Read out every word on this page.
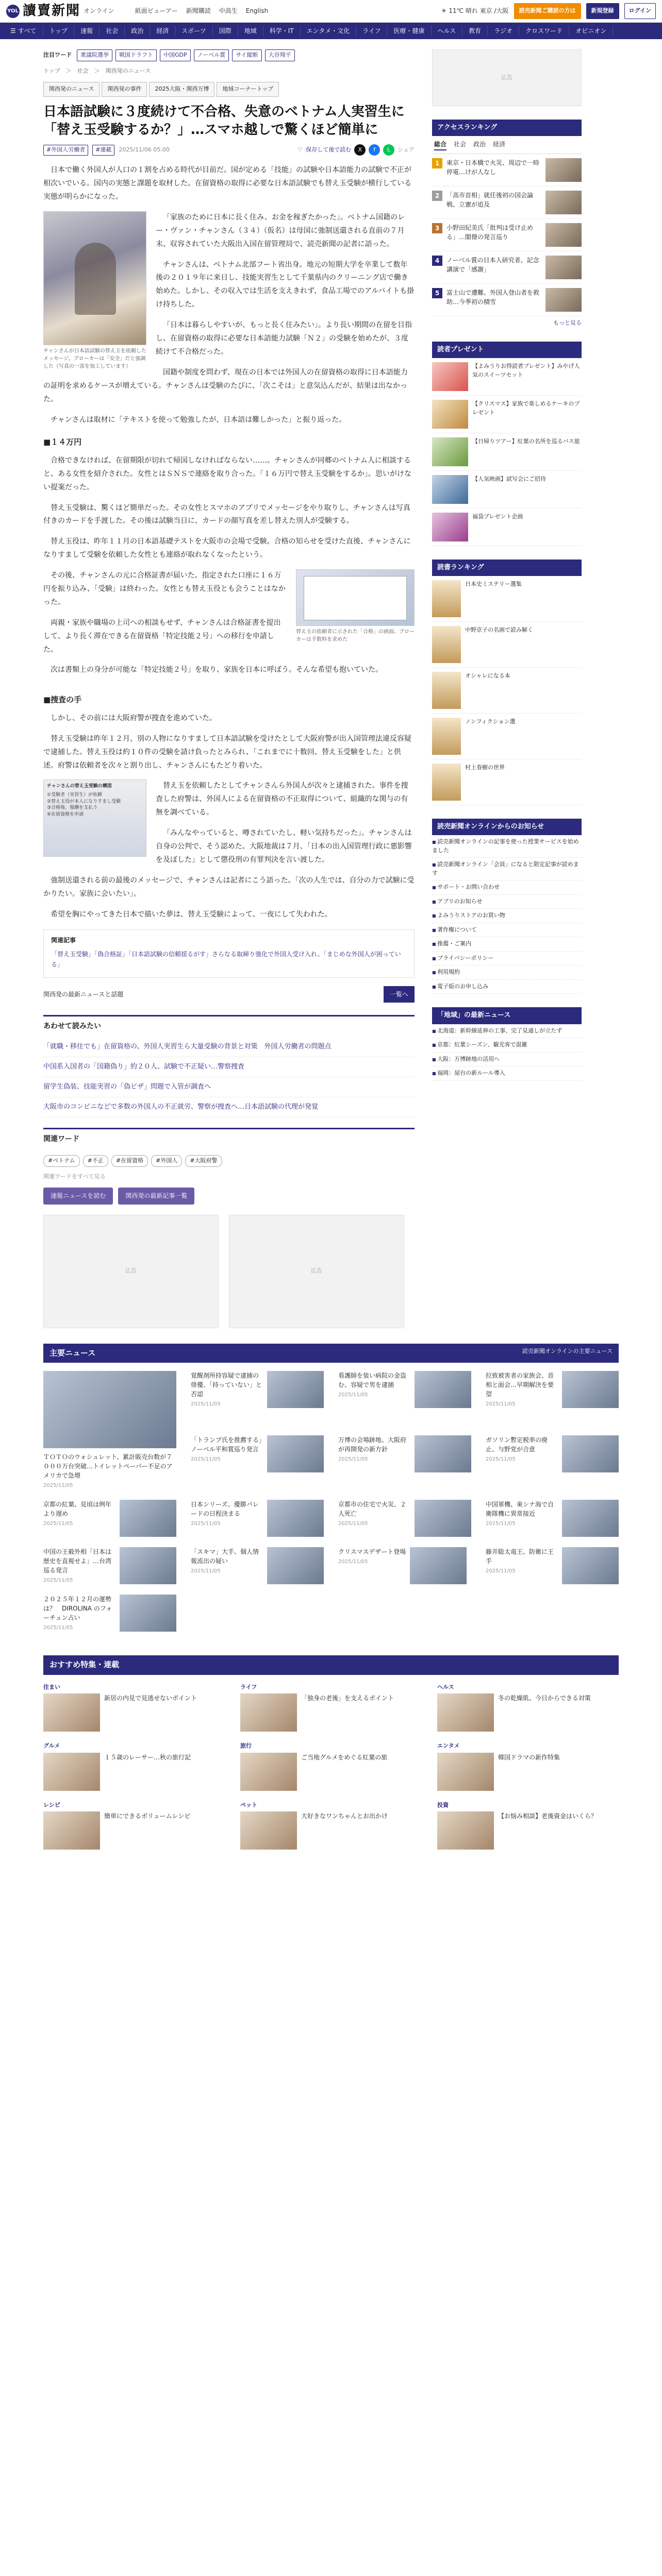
YOL 讀賣新聞 オンライン	紙面ビューアー 新聞購読 中高生 English	☀ 11℃ 晴れ 東京 /大阪	読売新聞ご購読の方は	新規登録	ログイン
☰ すべて	トップ	速報	社会	政治	経済	スポーツ	国際	地域	科学・IT	エンタメ・文化	ライフ	医療・健康	ヘルス	教育	ラジオ	クロスワード	オピニオン
注目ワード	衆議院選挙	戦国ドラフト	中国GDP	ノーベル賞	サイ縦断	大谷翔平
トップ　＞　社会　＞　関西発のニュース
関西発のニュース	関西発の事件	2025大阪・関西万博	地域コーナートップ
日本語試験に３度続けて不合格、失意のベトナム人実習生に「替え玉受験するか？」…スマホ越しで驚くほど簡単に
#外国人労働者	#連載	2025/11/06 05:00	♡ 保存して後で読む	X	f	L	シェア

日本で働く外国人が人口の１割を占める時代が目前だ。国が定める「技能」の試験や日本語能力の試験で不正が相次いでいる。国内の実態と課題を取材した。在留資格の取得に必要な日本語試験でも替え玉受験が横行している実態が明らかになった。

チャンさんが日本語試験の替え玉を依頼したメッセージ。ブローカーは「安全」だと強調した（写真の一部を加工しています）

「家族のために日本に長く住み、お金を稼ぎたかった」。ベトナム国籍のレー・ヴァン・チャンさん（３４）（仮名）は母国に強制送還される直前の７月末、収容されていた大阪出入国在留管理局で、読売新聞の記者に語った。

チャンさんは、ベトナム北部フート省出身。地元の短期大学を卒業して数年後の２０１９年に来日し、技能実習生として千葉県内のクリーニング店で働き始めた。しかし、その収入では生活を支えきれず、食品工場でのアルバイトも掛け持ちした。

「日本は暮らしやすいが、もっと長く住みたい」。より長い期間の在留を目指し、在留資格の取得に必要な日本語能力試験「Ｎ２」の受験を始めたが、３度続けて不合格だった。

国籍や制度を問わず、現在の日本では外国人の在留資格の取得に日本語能力の証明を求めるケースが増えている。チャンさんは受験のたびに、「次こそは」と意気込んだが、結果は出なかった。

チャンさんは取材に「テキストを使って勉強したが、日本語は難しかった」と振り返った。

■１４万円

合格できなければ、在留期限が切れて帰国しなければならない……。チャンさんが同郷のベトナム人に相談すると、ある女性を紹介された。女性とはＳＮＳで連絡を取り合った。「１６万円で替え玉受験をするか」。思いがけない提案だった。

替え玉受験は、驚くほど簡単だった。その女性とスマホのアプリでメッセージをやり取りし、チャンさんは写真付きのカードを手渡した。その後は試験当日に、カードの顔写真を差し替えた別人が受験する。

替え玉役は、昨年１１月の日本語基礎テストを大阪市の会場で受験。合格の知らせを受けた直後、チャンさんになりすまして受験を依頼した女性とも連絡が取れなくなったという。

替え玉の依頼者に示された「合格」の画面。ブローカーは手数料を求めた

その後、チャンさんの元に合格証書が届いた。指定された口座に１６万円を振り込み、「受験」は終わった。女性とも替え玉役とも会うことはなかった。

両親・家族や職場の上司への相談もせず、チャンさんは合格証書を提出して、より長く滞在できる在留資格「特定技能２号」への移行を申請した。

次は書類上の身分が可能な「特定技能２号」を取り、家族を日本に呼ぼう。そんな希望も抱いていた。

■捜査の手

しかし、その前には大阪府警が捜査を進めていた。

替え玉受験は昨年１２月、別の人物になりすまして日本語試験を受けたとして大阪府警が出入国管理法違反容疑で逮捕した。替え玉役は約１０件の受験を請け負ったとみられ、「これまでに十数回、替え玉受験をした」と供述。府警は依頼者を次々と割り出し、チャンさんにもたどり着いた。

チャンさんの替え玉受験の構図
①受験者（実習生）が依頼
②替え玉役が本人になりすまし受験
③合格後、報酬を支払う
④在留資格を申請

替え玉を依頼したとしてチャンさんら外国人が次々と逮捕された。事件を捜査した府警は、外国人による在留資格の不正取得について、組織的な関与の有無を調べている。

「みんなやっていると、噂されていたし、軽い気持ちだった」。チャンさんは自身の公判で、そう認めた。大阪地裁は７月、「日本の出入国管理行政に悪影響を及ぼした」として懲役刑の有罪判決を言い渡した。

強制送還される前の最後のメッセージで、チャンさんは記者にこう語った。「次の人生では、自分の力で試験に受かりたい。家族に会いたい」。

希望を胸にやってきた日本で描いた夢は、替え玉受験によって、一夜にして失われた。

関連記事
「替え玉受験」「偽合格証」「日本語試験の信頼揺るがす」さらなる取締り強化で外国人受け入れ、「まじめな外国人が困っている」
関西発の最新ニュースと話題	一覧へ
あわせて読みたい
「就職・移住でも」在留資格の、外国人実習生ら大量受験の背景と対策　外国人労働者の問題点
中国系入国者の「国籍偽り」約２０人、試験で不正疑い…警察捜査
留学生偽装、技能実習の「偽ビザ」問題で入管が調査へ
大阪市のコンビニなどで多数の外国人の不正就労、警察が捜査へ…日本語試験の代理が発覚
関連ワード
#ベトナム	#不正	#在留資格	#外国人	#大阪府警
関連ワードをすべて見る
速報ニュースを読む	関西発の最新記事一覧
広告	広告
広告
アクセスランキング
総合 社会 政治 経済
1	東京・日本橋で火災、周辺で一時停電…けが人なし
2	「高市首相」就任後初の国会論戦、立憲が追及
3	小野田紀美氏「批判は受け止める」…閣僚の発言巡り
4	ノーベル賞の日本人研究者、記念講演で「感謝」
5	富士山で遭難、外国人登山者を救助…今季初の積雪
もっと見る
読者プレゼント
【よみうりお得読者プレゼント】みやげ人気のスイーツセット
【クリスマス】家族で楽しめるケーキのプレゼント
【日帰りツアー】紅葉の名所を巡るバス旅
【人気映画】試写会にご招待
福袋プレゼント企画
読書ランキング
日本史ミステリー選集
中野京子の名画で読み解く
オシャレになる本
ノンフィクション選
村上春樹の世界
読売新聞オンラインからのお知らせ
■ 読売新聞オンラインの記事を使った授業サービスを始めました
■ 読売新聞オンライン「会員」になると限定記事が読めます
■ サポート・お問い合わせ
■ アプリのお知らせ
■ よみうりストアのお買い物
■ 著作権について
■ 推薦・ご案内
■ プライバシーポリシー
■ 利用規約
■ 電子版のお申し込み
「地域」の最新ニュース
■ 北海道：新幹線延伸の工事、完了見通しが立たず
■ 京都：紅葉シーズン、観光客で混雑
■ 大阪：万博跡地の活用へ
■ 福岡：屋台の新ルール導入
主要ニュース	読売新聞オンラインの主要ニュース
ＴＯＴＯのウォシュレット、累計販売台数が７０００万台突破…トイレットペーパー不足のアメリカで急増
2025/11/05
覚醒剤所持容疑で逮捕の俳優、「持っていない」と否認
2025/11/05
看護師を装い病院の金盗む、容疑で男を逮捕
2025/11/05
拉致被害者の家族会、首相と面会…早期解決を要望
2025/11/05
「トランプ氏を推薦する」ノーベル平和賞巡り発言
2025/11/05
万博の会場跡地、大阪府が再開発の新方針
2025/11/05
ガソリン暫定税率の廃止、与野党が合意
2025/11/05
京都の紅葉、見頃は例年より遅め
2025/11/05
日本シリーズ、優勝パレードの日程決まる
2025/11/05
京都市の住宅で火災、２人死亡
2025/11/05
中国軍機、東シナ海で自衛隊機に異常接近
2025/11/05
中国の王毅外相「日本は歴史を直視せよ」…台湾巡る発言
2025/11/05
「スキマ」大手、個人情報流出の疑い
2025/11/05
クリスマスデザート登場
2025/11/05
藤井聡太竜王、防衛に王手
2025/11/05
２０２５年１２月の運勢は？　DIROLINA のフォーチュン占い
2025/11/05
おすすめ特集・連載
住まい
新居の内見で見逃せないポイント
ライフ
「独身の老後」を支えるポイント
ヘルス
冬の乾燥肌、今日からできる対策
グルメ
１５歳のレーサー…秋の旅行記
旅行
ご当地グルメをめぐる紅葉の旅
エンタメ
韓国ドラマの新作特集
レシピ
簡単にできるボリュームレシピ
ペット
大好きなワンちゃんとお出かけ
投資
【お悩み相談】老後資金はいくら？
